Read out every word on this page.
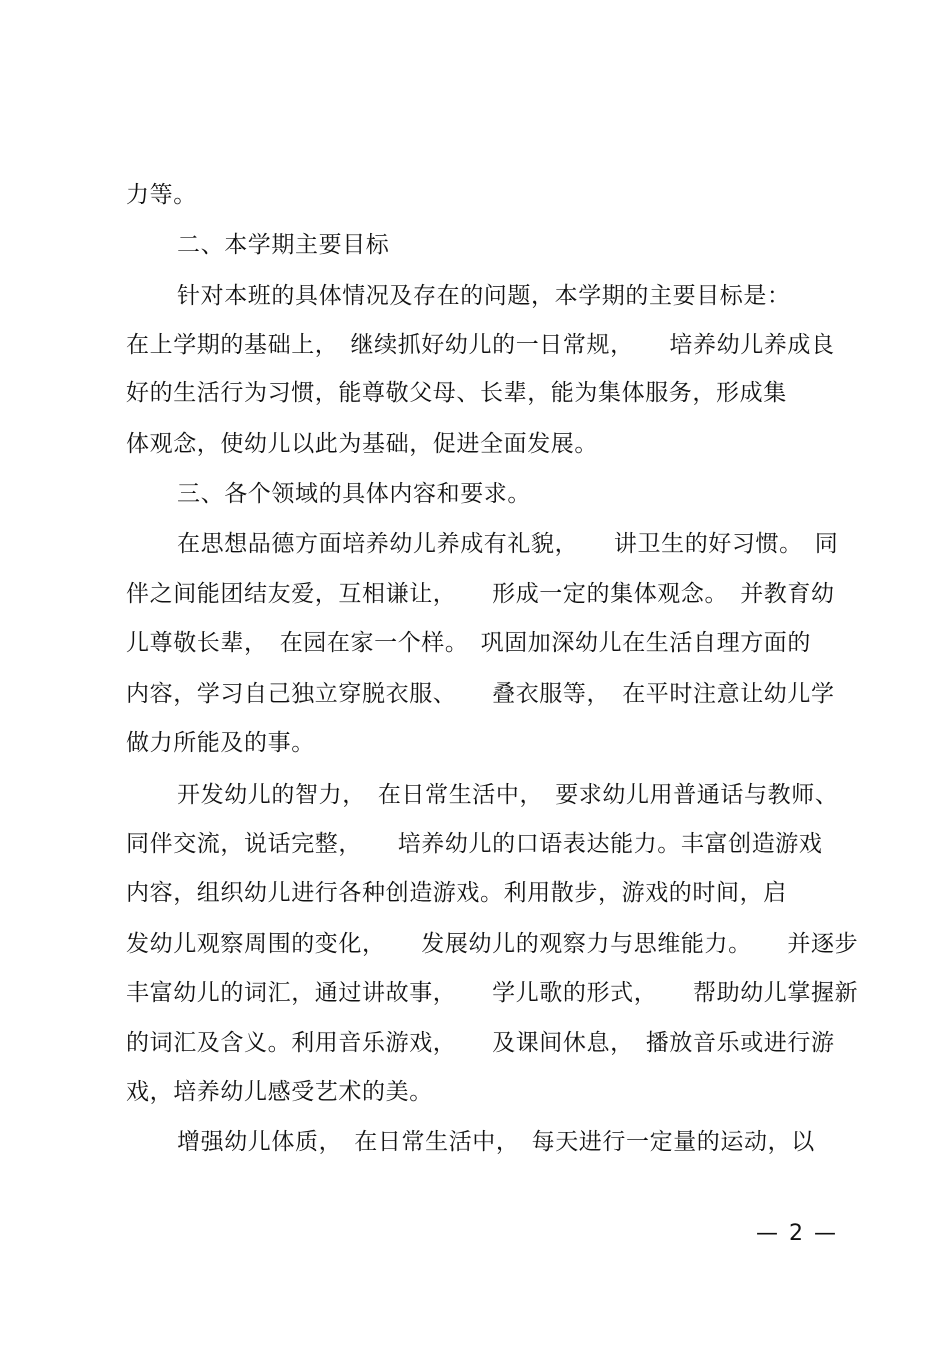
力等。
二、本学期主要目标
针对本班的具体情况及存在的问题，本学期的主要目标是：
在上学期的基础上，　继续抓好幼儿的一日常规，　　培养幼儿养成良
好的生活行为习惯，能尊敬父母、长辈，能为集体服务，形成集
体观念，使幼儿以此为基础，促进全面发展。
三、各个领域的具体内容和要求。
在思想品德方面培养幼儿养成有礼貌，　　讲卫生的好习惯。　同
伴之间能团结友爱，互相谦让，　　形成一定的集体观念。　并教育幼
儿尊敬长辈，　在园在家一个样。　巩固加深幼儿在生活自理方面的
内容，学习自己独立穿脱衣服、　　叠衣服等，　在平时注意让幼儿学
做力所能及的事。
开发幼儿的智力，　在日常生活中，　要求幼儿用普通话与教师、
同伴交流，说话完整，　　培养幼儿的口语表达能力。丰富创造游戏
内容，组织幼儿进行各种创造游戏。利用散步，游戏的时间，启
发幼儿观察周围的变化，　　发展幼儿的观察力与思维能力。　　并逐步
丰富幼儿的词汇，通过讲故事，　　学儿歌的形式，　　帮助幼儿掌握新
的词汇及含义。利用音乐游戏，　　及课间休息，　播放音乐或进行游
戏，培养幼儿感受艺术的美。
增强幼儿体质，　在日常生活中，　每天进行一定量的运动，以
— 2 —
